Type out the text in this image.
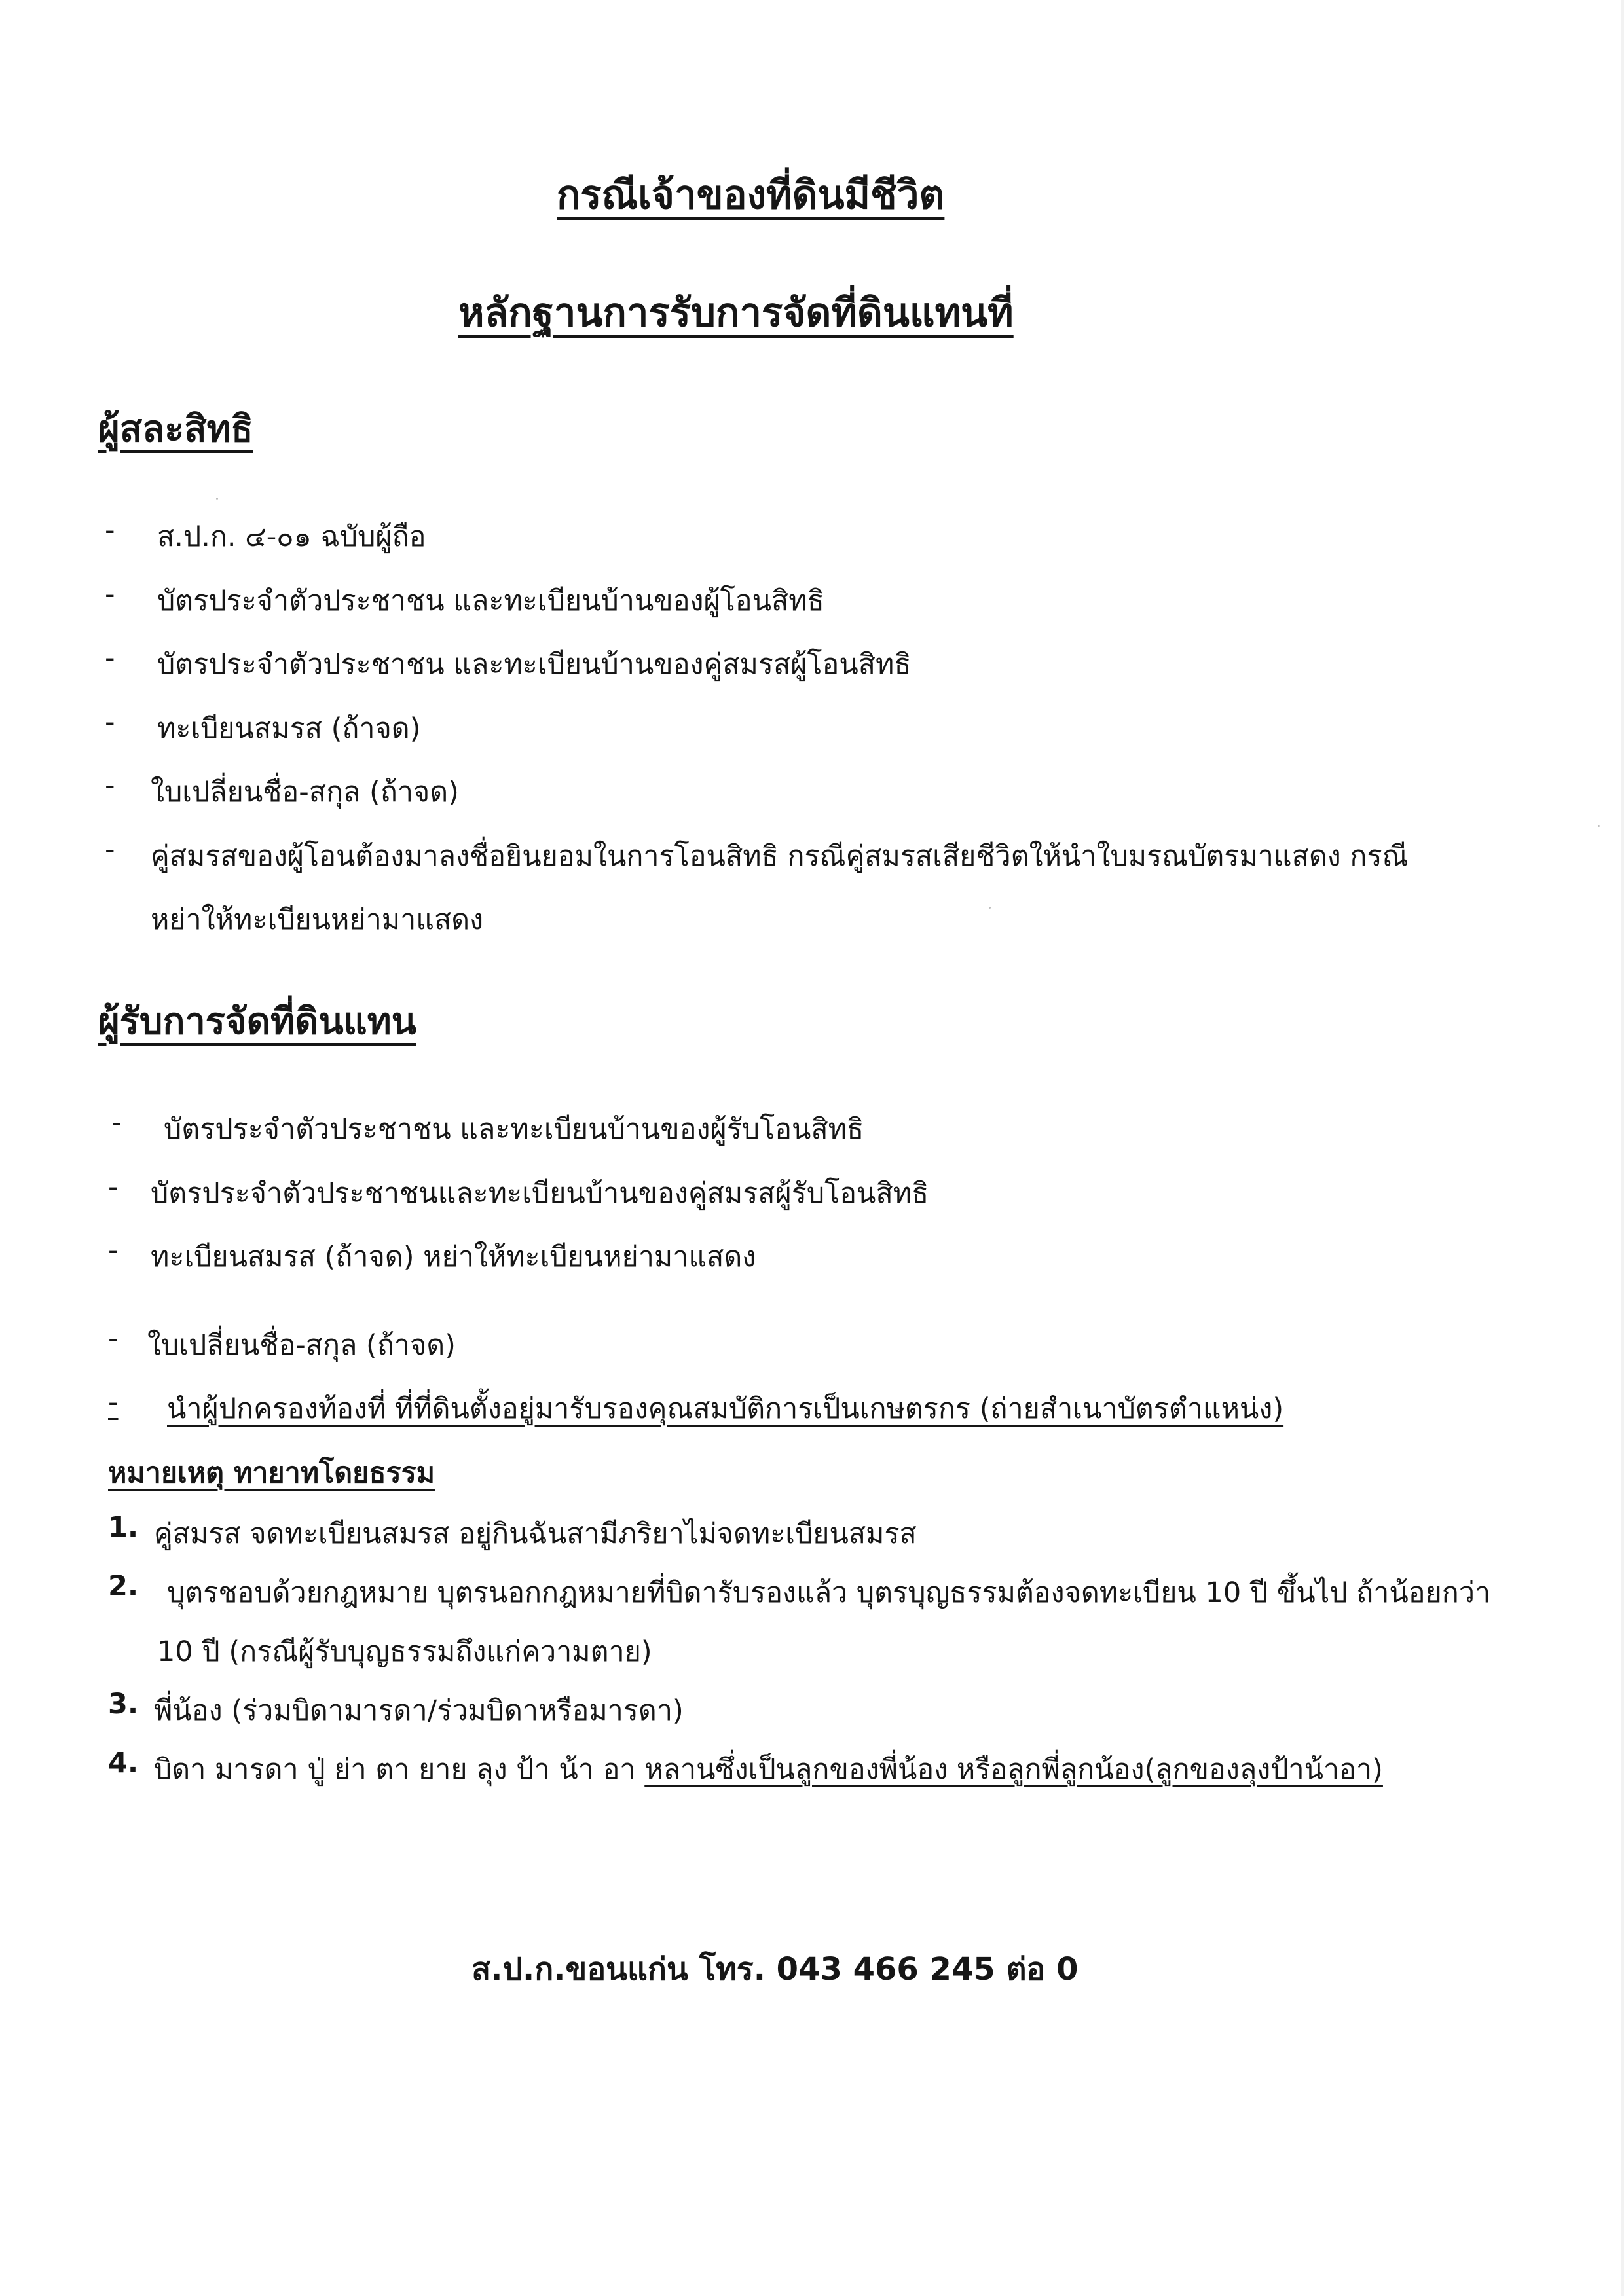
กรณีเจ้าของที่ดินมีชีวิต
หลักฐานการรับการจัดที่ดินแทนที่
ผู้สละสิทธิ
- ส.ป.ก. ๔-๐๑ ฉบับผู้ถือ
- บัตรประจำตัวประชาชน และทะเบียนบ้านของผู้โอนสิทธิ
- บัตรประจำตัวประชาชน และทะเบียนบ้านของคู่สมรสผู้โอนสิทธิ
- ทะเบียนสมรส (ถ้าจด)
- ใบเปลี่ยนชื่อ-สกุล (ถ้าจด)
- คู่สมรสของผู้โอนต้องมาลงชื่อยินยอมในการโอนสิทธิ กรณีคู่สมรสเสียชีวิตให้นำใบมรณบัตรมาแสดง กรณี
หย่าให้ทะเบียนหย่ามาแสดง
ผู้รับการจัดที่ดินแทน
- บัตรประจำตัวประชาชน และทะเบียนบ้านของผู้รับโอนสิทธิ
- บัตรประจำตัวประชาชนและทะเบียนบ้านของคู่สมรสผู้รับโอนสิทธิ
- ทะเบียนสมรส (ถ้าจด) หย่าให้ทะเบียนหย่ามาแสดง
- ใบเปลี่ยนชื่อ-สกุล (ถ้าจด)
- นำผู้ปกครองท้องที่ ที่ที่ดินตั้งอยู่มารับรองคุณสมบัติการเป็นเกษตรกร (ถ่ายสำเนาบัตรตำแหน่ง)
หมายเหตุ ทายาทโดยธรรม
1. คู่สมรส จดทะเบียนสมรส อยู่กินฉันสามีภริยาไม่จดทะเบียนสมรส
2. บุตรชอบด้วยกฎหมาย บุตรนอกกฎหมายที่บิดารับรองแล้ว บุตรบุญธรรมต้องจดทะเบียน 10 ปี ขึ้นไป ถ้าน้อยกว่า
10 ปี (กรณีผู้รับบุญธรรมถึงแก่ความตาย)
3. พี่น้อง (ร่วมบิดามารดา/ร่วมบิดาหรือมารดา)
4. บิดา มารดา ปู่ ย่า ตา ยาย ลุง ป้า น้า อา หลานซึ่งเป็นลูกของพี่น้อง หรือลูกพี่ลูกน้อง(ลูกของลุงป้าน้าอา)
ส.ป.ก.ขอนแก่น โทร. 043 466 245 ต่อ 0
